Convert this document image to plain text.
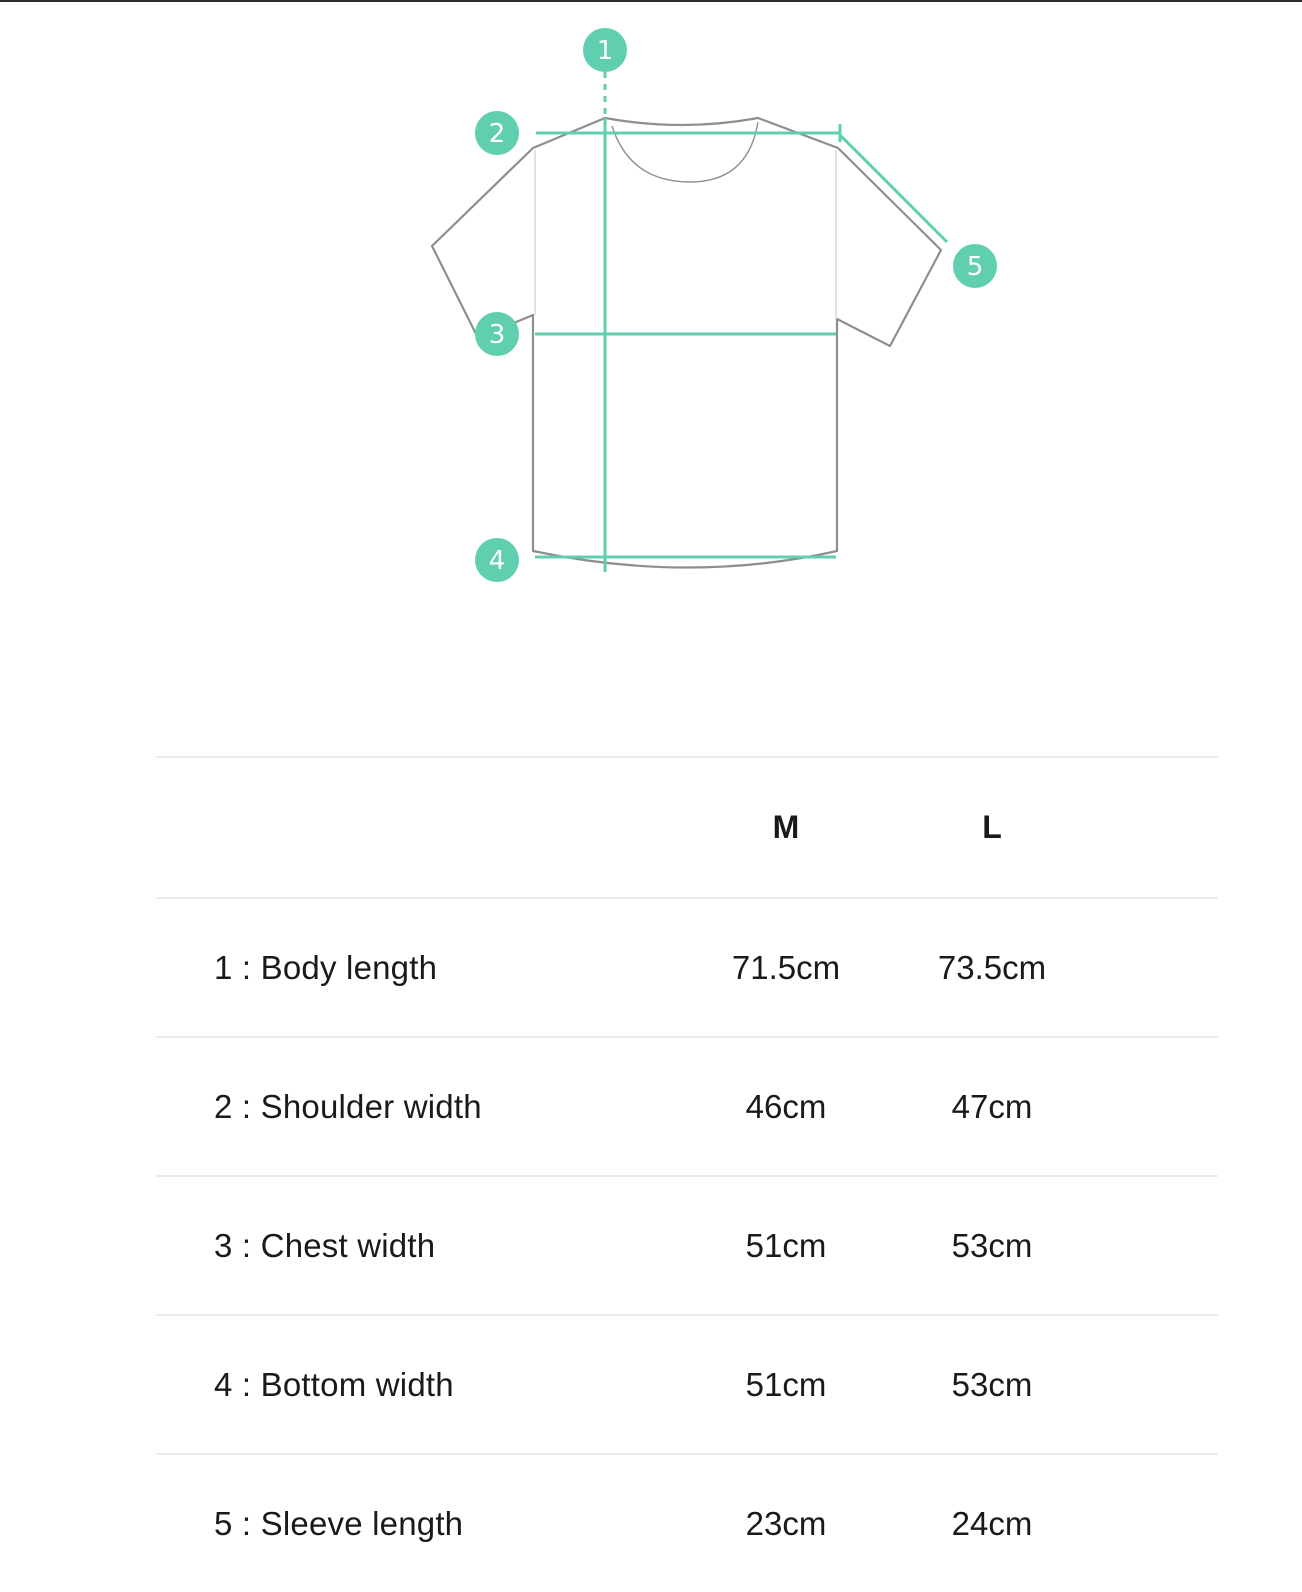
1
2
3
4
5
M	L
1 : Body length	71.5cm	73.5cm
2 : Shoulder width	46cm	47cm
3 : Chest width	51cm	53cm
4 : Bottom width	51cm	53cm
5 : Sleeve length	23cm	24cm
